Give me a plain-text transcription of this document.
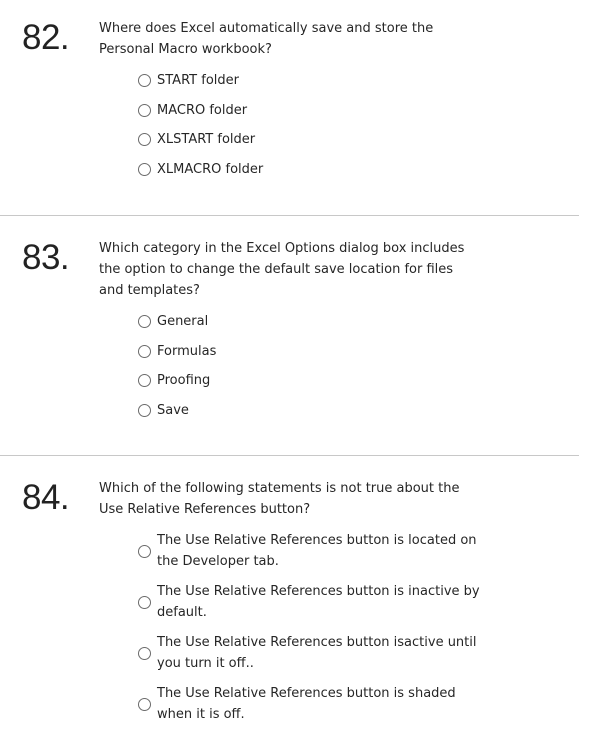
82. Where does Excel automatically save and store the Personal Macro workbook?
START folder
MACRO folder
XLSTART folder
XLMACRO folder
83. Which category in the Excel Options dialog box includes the option to change the default save location for files and templates?
General
Formulas
Proofing
Save
84. Which of the following statements is not true about the Use Relative References button?
The Use Relative References button is located on the Developer tab.
The Use Relative References button is inactive by default.
The Use Relative References button isactive until you turn it off..
The Use Relative References button is shaded when it is off.
